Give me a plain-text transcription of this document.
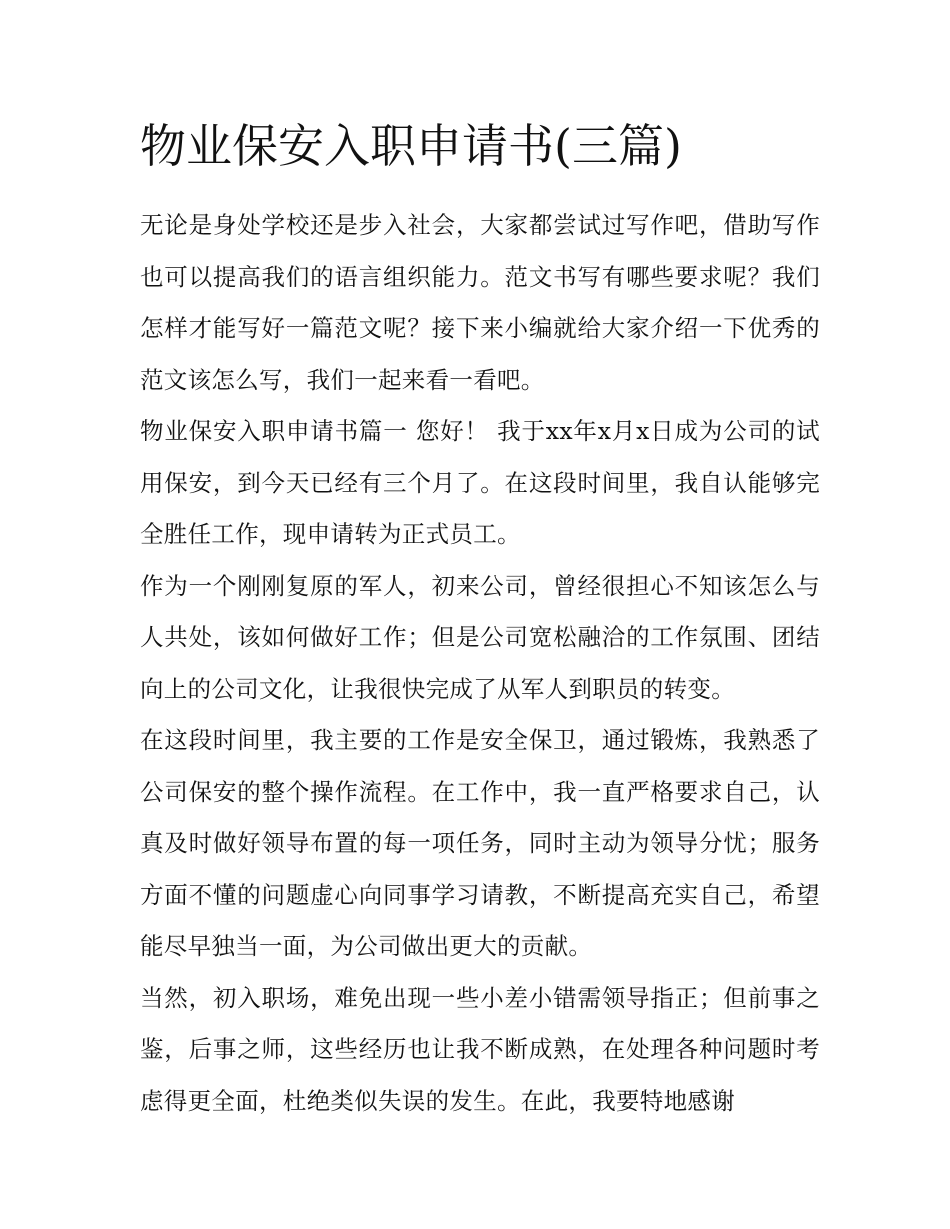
物业保安入职申请书(三篇)

无论是身处学校还是步入社会，大家都尝试过写作吧，借助写作也可以提高我们的语言组织能力。范文书写有哪些要求呢？我们怎样才能写好一篇范文呢？接下来小编就给大家介绍一下优秀的范文该怎么写，我们一起来看一看吧。

物业保安入职申请书篇一 您好！ 我于xx年x月x日成为公司的试用保安，到今天已经有三个月了。在这段时间里，我自认能够完全胜任工作，现申请转为正式员工。

作为一个刚刚复原的军人，初来公司，曾经很担心不知该怎么与人共处，该如何做好工作；但是公司宽松融洽的工作氛围、团结向上的公司文化，让我很快完成了从军人到职员的转变。

在这段时间里，我主要的工作是安全保卫，通过锻炼，我熟悉了公司保安的整个操作流程。在工作中，我一直严格要求自己，认真及时做好领导布置的每一项任务，同时主动为领导分忧；服务方面不懂的问题虚心向同事学习请教，不断提高充实自己，希望能尽早独当一面，为公司做出更大的贡献。

当然，初入职场，难免出现一些小差小错需领导指正；但前事之鉴，后事之师，这些经历也让我不断成熟，在处理各种问题时考虑得更全面，杜绝类似失误的发生。在此，我要特地感谢
